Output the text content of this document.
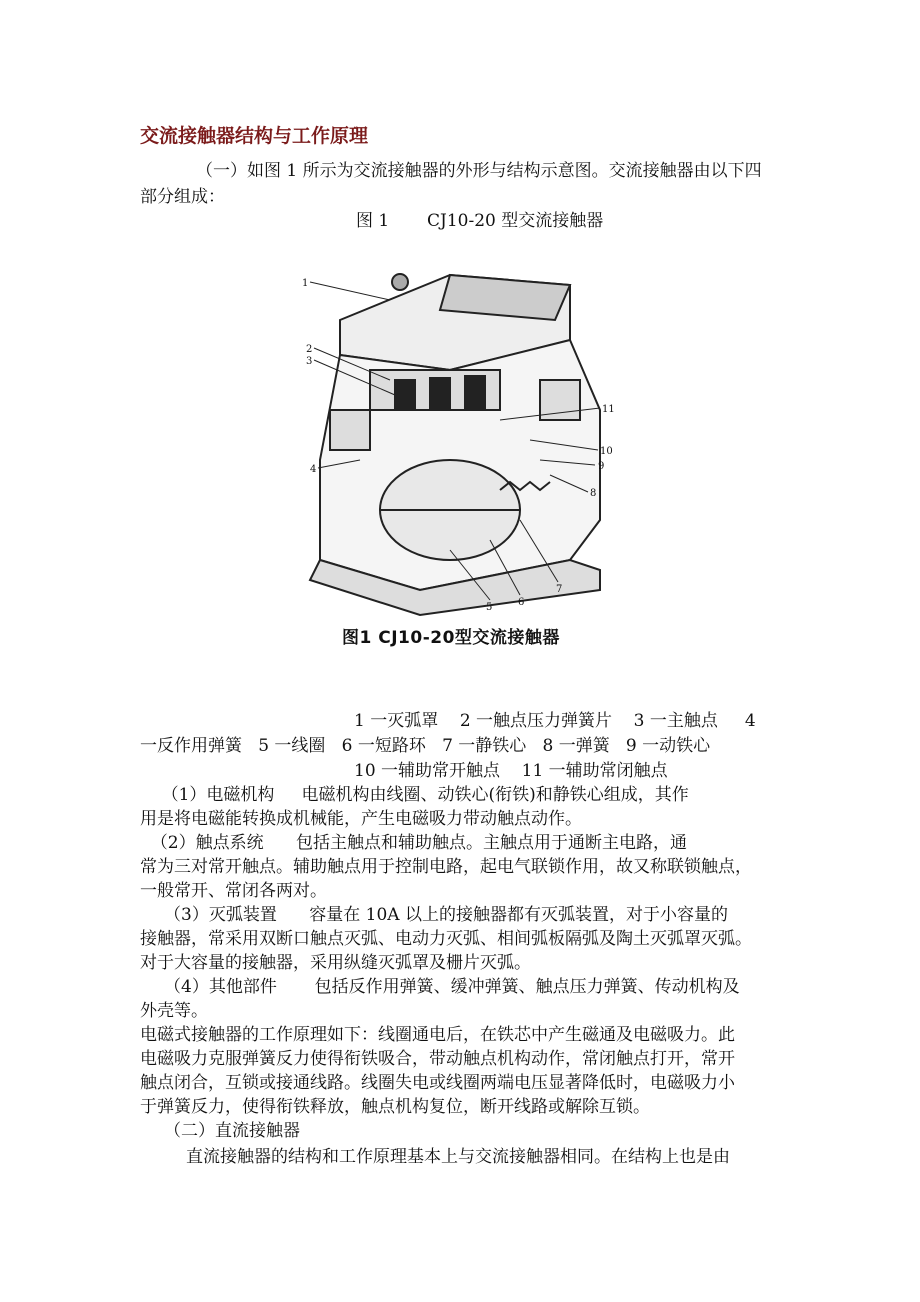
交流接触器结构与工作原理

（一）如图 1 所示为交流接触器的外形与结构示意图。交流接触器由以下四

部分组成：

图 1       CJ10-20 型交流接触器
1
2
3
4
5	6
7
8
9
10
11
图1 CJ10-20型交流接触器

1 一灭弧罩    2 一触点压力弹簧片    3 一主触点     4

一反作用弹簧   5 一线圈   6 一短路环   7 一静铁心   8 一弹簧   9 一动铁心

10 一辅助常开触点    11 一辅助常闭触点

（1）电磁机构     电磁机构由线圈、动铁心(衔铁)和静铁心组成，其作

用是将电磁能转换成机械能，产生电磁吸力带动触点动作。

（2）触点系统      包括主触点和辅助触点。主触点用于通断主电路，通

常为三对常开触点。辅助触点用于控制电路，起电气联锁作用，故又称联锁触点，

一般常开、常闭各两对。

（3）灭弧装置      容量在 10A 以上的接触器都有灭弧装置，对于小容量的

接触器，常采用双断口触点灭弧、电动力灭弧、相间弧板隔弧及陶土灭弧罩灭弧。

对于大容量的接触器，采用纵缝灭弧罩及栅片灭弧。

（4）其他部件       包括反作用弹簧、缓冲弹簧、触点压力弹簧、传动机构及

外壳等。

电磁式接触器的工作原理如下：线圈通电后，在铁芯中产生磁通及电磁吸力。此

电磁吸力克服弹簧反力使得衔铁吸合，带动触点机构动作，常闭触点打开，常开

触点闭合，互锁或接通线路。线圈失电或线圈两端电压显著降低时，电磁吸力小

于弹簧反力，使得衔铁释放，触点机构复位，断开线路或解除互锁。

（二）直流接触器

直流接触器的结构和工作原理基本上与交流接触器相同。在结构上也是由
